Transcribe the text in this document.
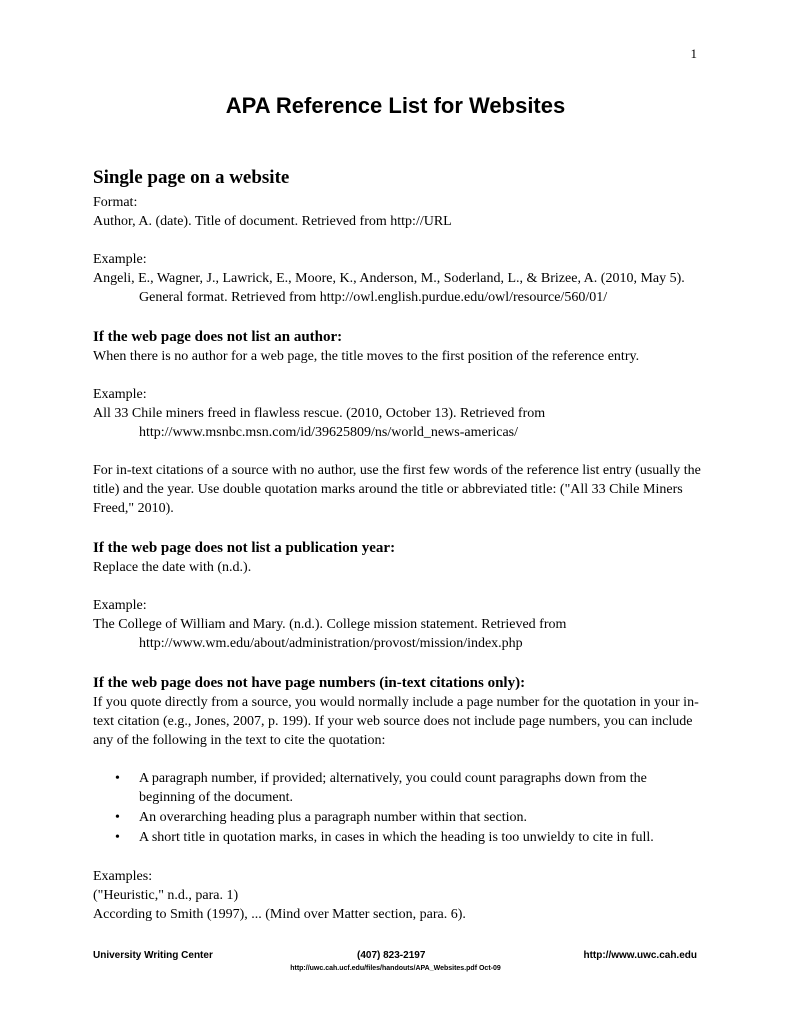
1
APA Reference List for Websites
Single page on a website

Format:

Author, A. (date). Title of document. Retrieved from http://URL

Example:

Angeli, E., Wagner, J., Lawrick, E., Moore, K., Anderson, M., Soderland, L., & Brizee, A. (2010, May 5). General format. Retrieved from http://owl.english.purdue.edu/owl/resource/560/01/

If the web page does not list an author:

When there is no author for a web page, the title moves to the first position of the reference entry.

Example:

All 33 Chile miners freed in flawless rescue. (2010, October 13). Retrieved from http://www.msnbc.msn.com/id/39625809/ns/world_news-americas/

For in-text citations of a source with no author, use the first few words of the reference list entry (usually the title) and the year. Use double quotation marks around the title or abbreviated title: ("All 33 Chile Miners Freed," 2010).

If the web page does not list a publication year:

Replace the date with (n.d.).

Example:

The College of William and Mary. (n.d.). College mission statement. Retrieved from http://www.wm.edu/about/administration/provost/mission/index.php

If the web page does not have page numbers (in-text citations only):

If you quote directly from a source, you would normally include a page number for the quotation in your in-text citation (e.g., Jones, 2007, p. 199). If your web source does not include page numbers, you can include any of the following in the text to cite the quotation:

• A paragraph number, if provided; alternatively, you could count paragraphs down from the beginning of the document.
• An overarching heading plus a paragraph number within that section.
• A short title in quotation marks, in cases in which the heading is too unwieldy to cite in full.

Examples:

("Heuristic," n.d., para. 1)

According to Smith (1997), ... (Mind over Matter section, para. 6).

University Writing Center	(407) 823-2197	http://www.uwc.cah.edu
http://uwc.cah.ucf.edu/files/handouts/APA_Websites.pdf Oct-09
